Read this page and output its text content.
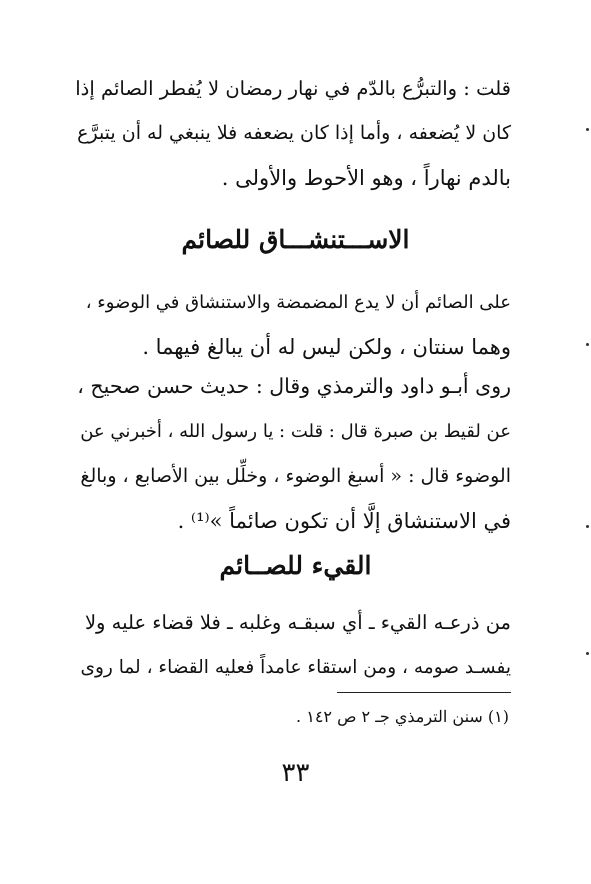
قلت : والتبرُّع بالدّم في نهار رمضان لا يُفطر الصائم إذا
كان لا يُضعفه ، وأما إذا كان يضعفه فلا ينبغي له أن يتبرَّع
بالدم نهاراً ، وهو الأحوط والأولى .

الاســـتنشـــاق للصائم

على الصائم أن لا يدع المضمضة والاستنشاق في الوضوء ،
وهما سنتان ، ولكن ليس له أن يبالغ فيهما .

روى أبـو داود والترمذي وقال : حديث حسن صحيح ،
عن لقيط بن صبرة قال : قلت : يا رسول الله ، أخبرني عن
الوضوء قال : « أسبغ الوضوء ، وخلِّل بين الأصابع ، وبالغ
في الاستنشاق إلَّا أن تكون صائماً »⁽¹⁾ .

القيء للصــائم

من ذرعـه القيء ـ أي سبقـه وغلبه ـ فلا قضاء عليه ولا
يفسـد صومه ، ومن استقاء عامداً فعليه القضاء ، لما روى

(١) سنن الترمذي جـ ٢ ص ١٤٢ .
٣٣
